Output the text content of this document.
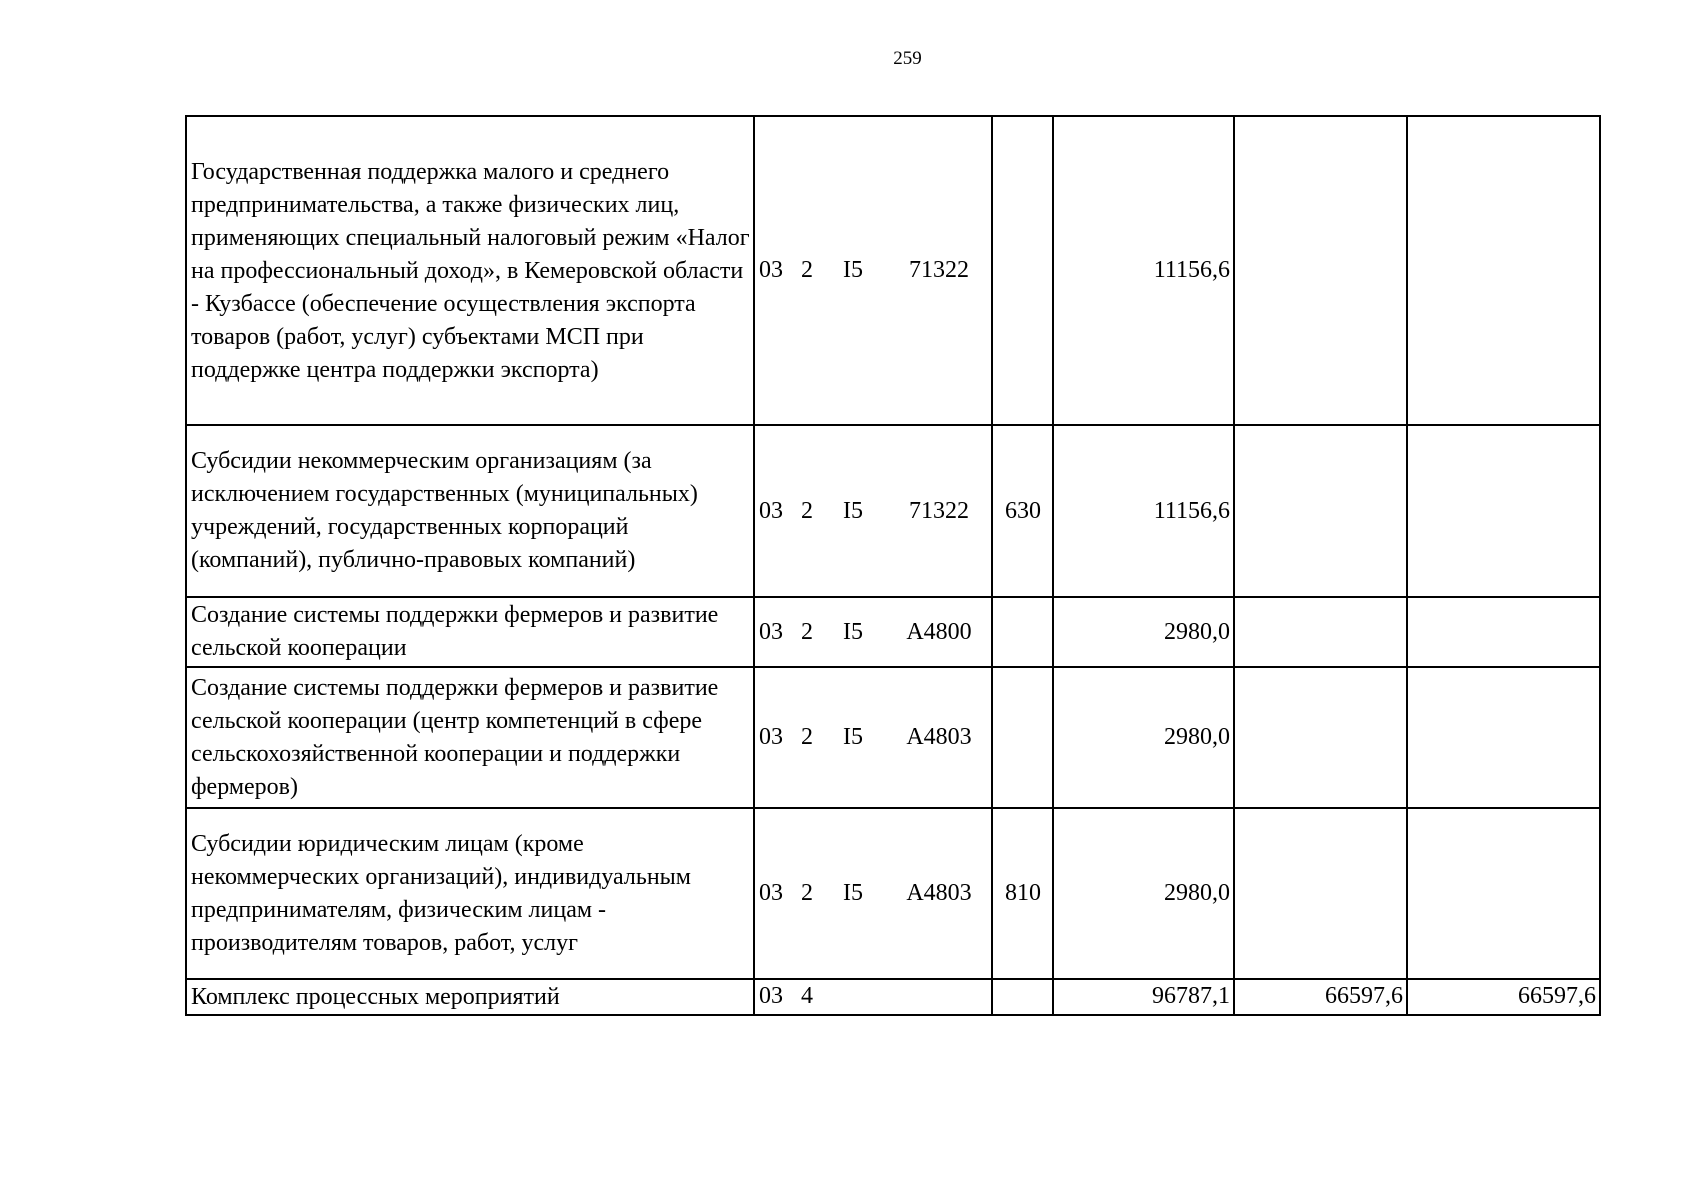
259
Государственная поддержка малого и среднего предпринимательства, а также физических лиц, применяющих специальный налоговый режим «Налог на профессиональный доход», в Кемеровской области - Кузбассе (обеспечение осуществления экспорта товаров (работ, услуг) субъектами МСП при поддержке центра поддержки экспорта)	03 2 I5 71322		11156,6		

Субсидии некоммерческим организациям (за исключением государственных (муниципальных) учреждений, государственных корпораций (компаний), публично-правовых компаний)	03 2 I5 71322	630	11156,6		

Создание системы поддержки фермеров и развитие сельской кооперации	03 2 I5 А4800		2980,0		

Создание системы поддержки фермеров и развитие сельской кооперации (центр компетенций в сфере сельскохозяйственной кооперации и поддержки фермеров)	03 2 I5 А4803		2980,0		

Субсидии юридическим лицам (кроме некоммерческих организаций), индивидуальным предпринимателям, физическим лицам - производителям товаров, работ, услуг	03 2 I5 А4803	810	2980,0		

Комплекс процессных мероприятий	03 4		96787,1	66597,6	66597,6
